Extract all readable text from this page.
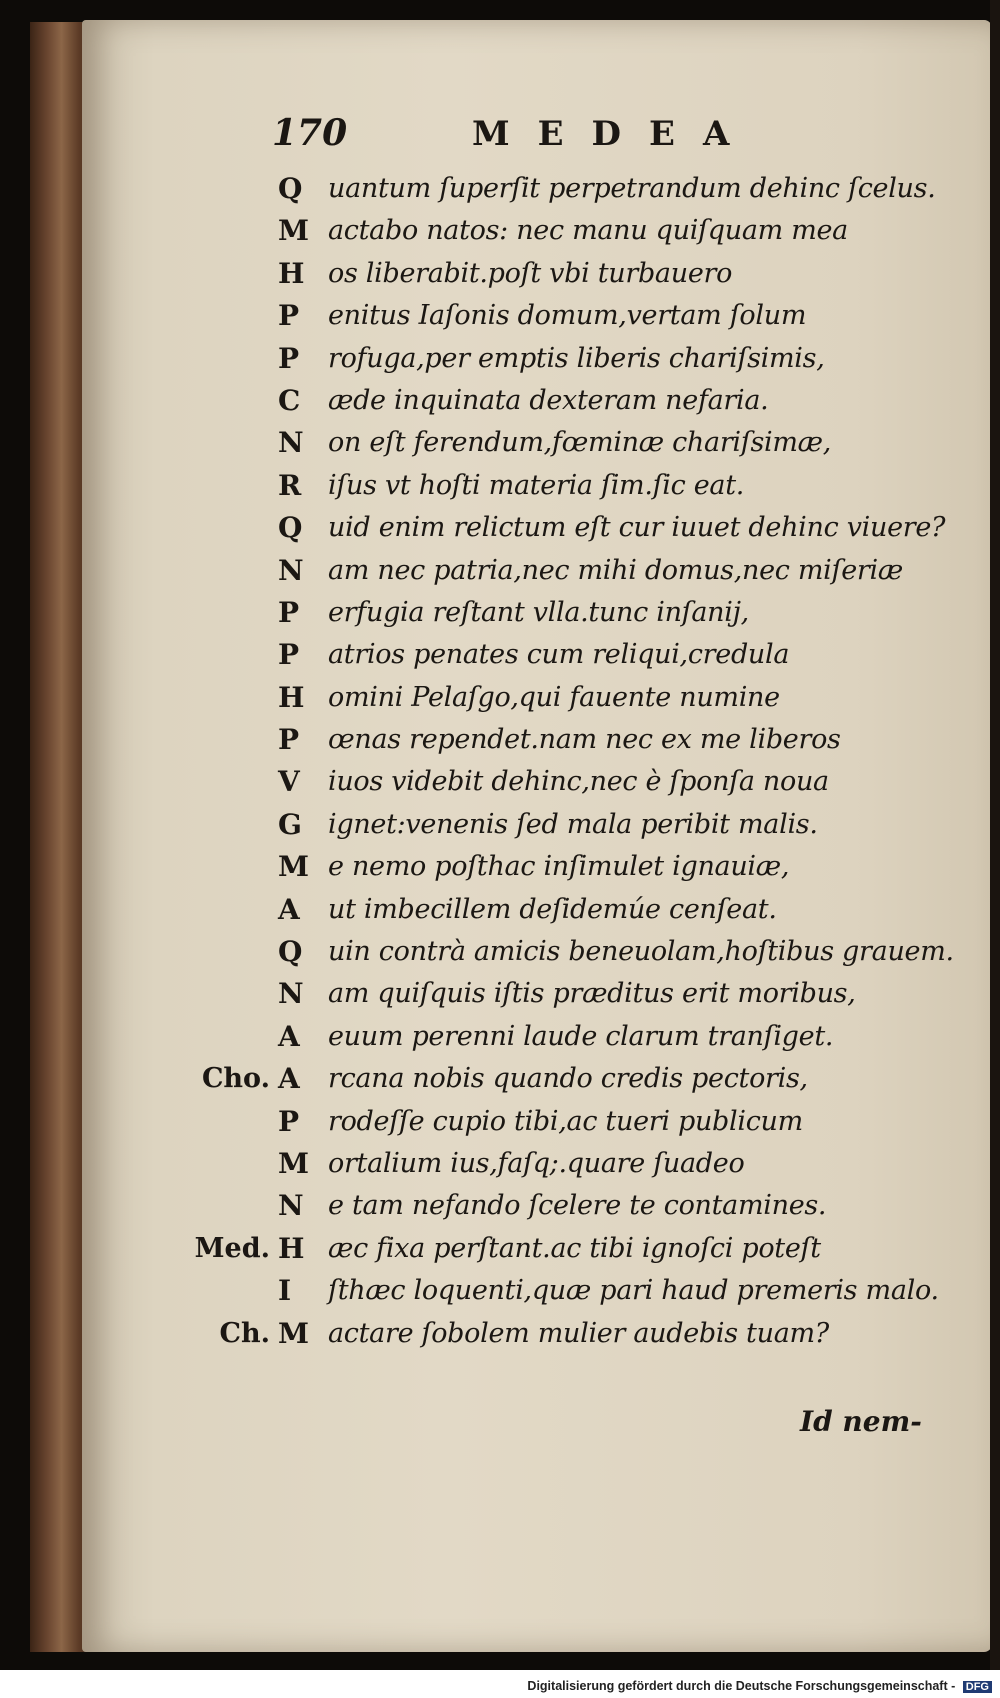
170	MEDEA
Q uantum ſuperſit perpetrandum dehinc ſcelus.
M actabo natos: nec manu quiſquam mea
H os liberabit.poſt vbi turbauero
P	enitus Iaſonis domum,vertam ſolum
P	rofuga,per emptis liberis chariſsimis,
C	æde inquinata dexteram nefaria.
N on eſt ferendum,fœminæ chariſsimæ,
R iſus vt hoſti materia ſim.ſic eat.
Q uid enim relictum eſt cur iuuet dehinc viuere?
N am nec patria,nec mihi domus,nec miſeriæ
P	erfugia reſtant vlla.tunc inſanij,
P	atrios penates cum reliqui,credula
H omini Pelaſgo,qui fauente numine
P	œnas rependet.nam nec ex me liberos
V	iuos videbit dehinc,nec è ſponſa noua
G ignet:venenis ſed mala peribit malis.
M e nemo poſthac inſimulet ignauiæ,
A	ut imbecillem deſidemúe cenſeat.
Q uin contrà amicis beneuolam,hoſtibus grauem.
N am quiſquis iſtis præditus erit moribus,
A	euum perenni laude clarum tranſiget.
Cho. A	rcana nobis quando credis pectoris,
P	rodeſſe cupio tibi,ac tueri publicum
M ortalium ius,faſq;.quare ſuadeo
N e tam nefando ſcelere te contamines.
Med. H æc fixa perſtant.ac tibi ignoſci poteſt
I	ſthæc loquenti,quæ pari haud premeris malo.
Ch. M actare ſobolem mulier audebis tuam?
Id nem-
Digitalisierung gefördert durch die Deutsche Forschungsgemeinschaft - DFG
